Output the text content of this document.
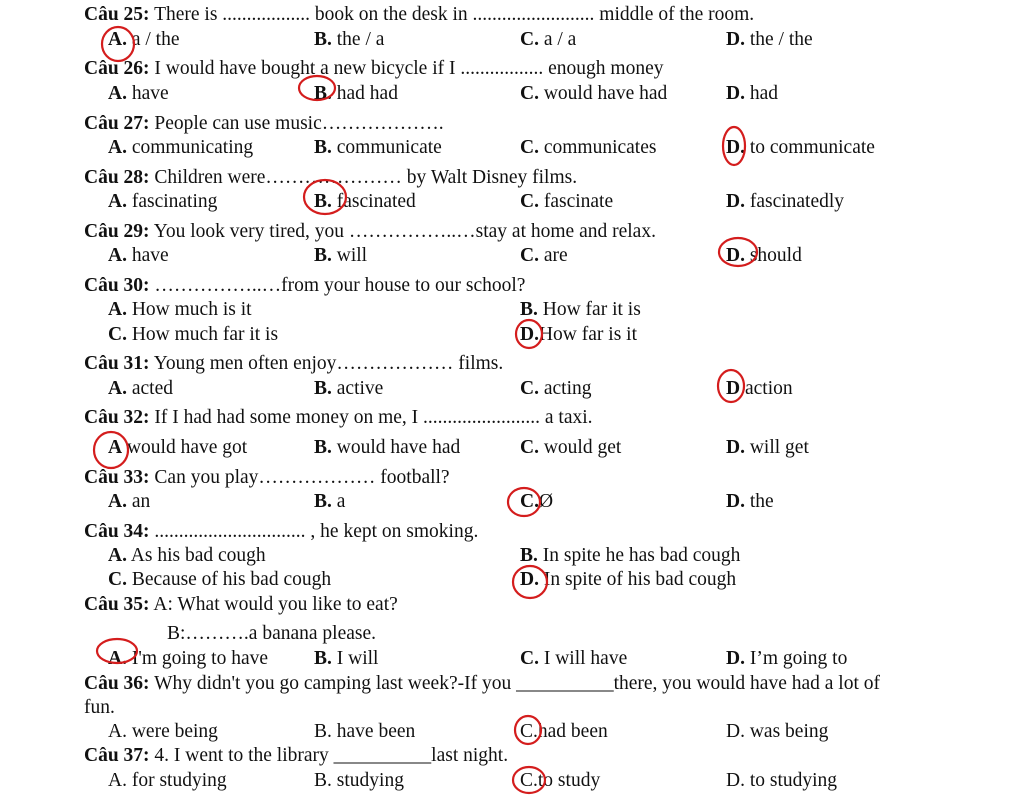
Câu 25: There is .................. book on the desk in ......................... middle of the room.
A. a / the	B. the / a	C. a / a	D. the / the
Câu 26: I would have bought a new bicycle if I ................. enough money
A. have	B. had had	C. would have had	D. had
Câu 27: People can use music……………….
A. communicating	B. communicate	C. communicates	D. to communicate
Câu 28: Children were………………… by Walt Disney films.
A. fascinating	B. fascinated	C. fascinate	D. fascinatedly
Câu 29: You look very tired, you ……………..…stay at home and relax.
A. have	B. will	C. are	D. should
Câu 30: ……………..…from your house to our school?
A. How much is it	B. How far it is
C. How much far it is	D.How far is it
Câu 31: Young men often enjoy……………… films.
A. acted	B. active	C. acting	D action
Câu 32: If I had had some money on me, I ........................ a taxi.
A would have got	B. would have had	C. would get	D. will get
Câu 33: Can you play……………… football?
A. an	B. a	C.Ø	D. the
Câu 34: ............................... , he kept on smoking.
A. As his bad cough	B. In spite he has bad cough
C. Because of his bad cough	D. In spite of his bad cough
Câu 35: A: What would you like to eat?
B:……….a banana please.
A. I'm going to have B. I will	C. I will have	D. I’m going to
Câu 36: Why didn't you go camping last week?-If you __________there, you would have had a lot of fun.
A. were being	B. have been	C.had been	D. was being
Câu 37: 4. I went to the library __________last night.
A. for studying	B. studying	C.to study	D. to studying
